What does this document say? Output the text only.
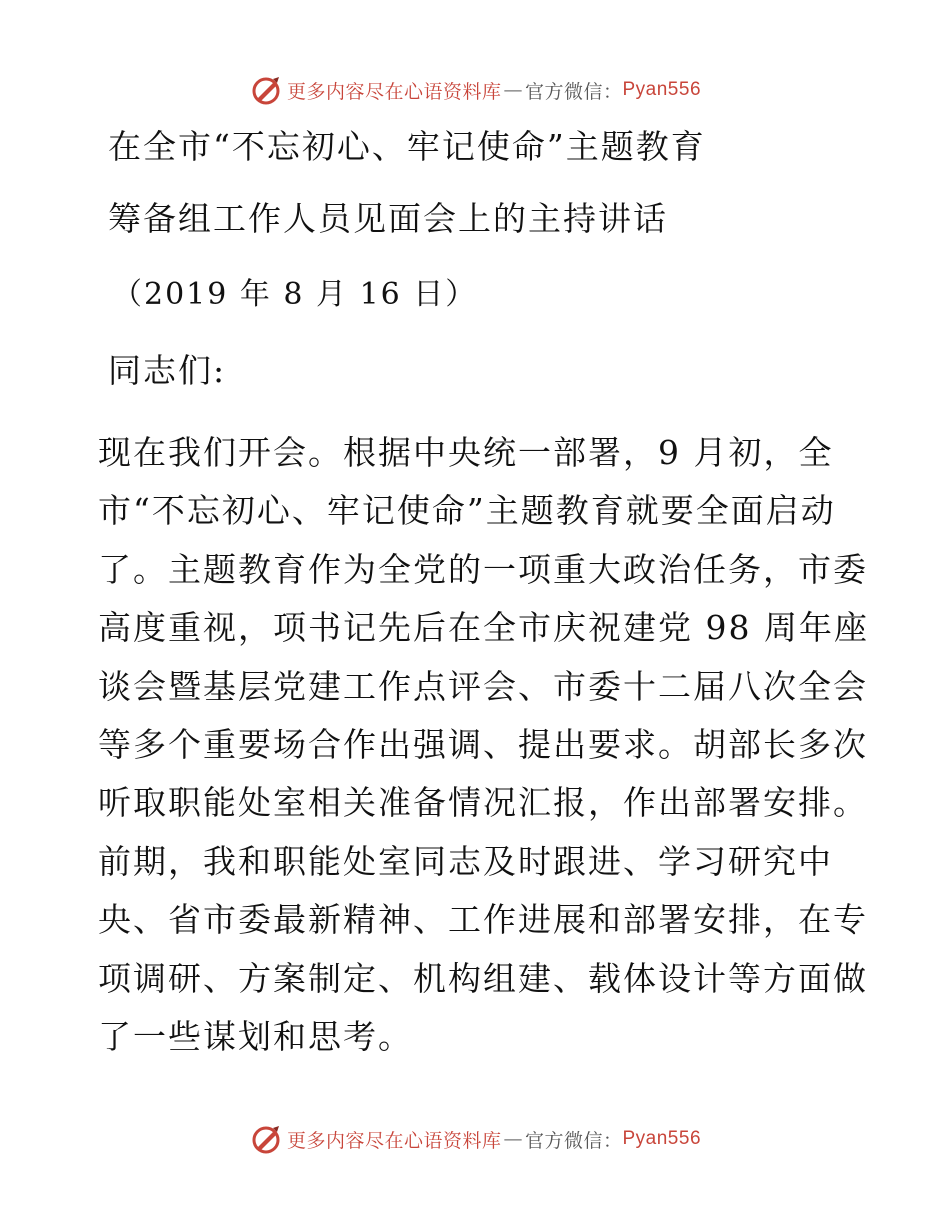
更多内容尽在心语资料库 — 官方微信： Pyan556
在全市“不忘初心、牢记使命”主题教育
筹备组工作人员见面会上的主持讲话
（2019 年 8 月 16 日）
同志们:
现在我们开会。根据中央统一部署，9 月初，全
市“不忘初心、牢记使命”主题教育就要全面启动
了。主题教育作为全党的一项重大政治任务，市委
高度重视，项书记先后在全市庆祝建党 98 周年座
谈会暨基层党建工作点评会、市委十二届八次全会
等多个重要场合作出强调、提出要求。胡部长多次
听取职能处室相关准备情况汇报，作出部署安排。
前期，我和职能处室同志及时跟进、学习研究中
央、省市委最新精神、工作进展和部署安排，在专
项调研、方案制定、机构组建、载体设计等方面做
了一些谋划和思考。
更多内容尽在心语资料库 — 官方微信： Pyan556
